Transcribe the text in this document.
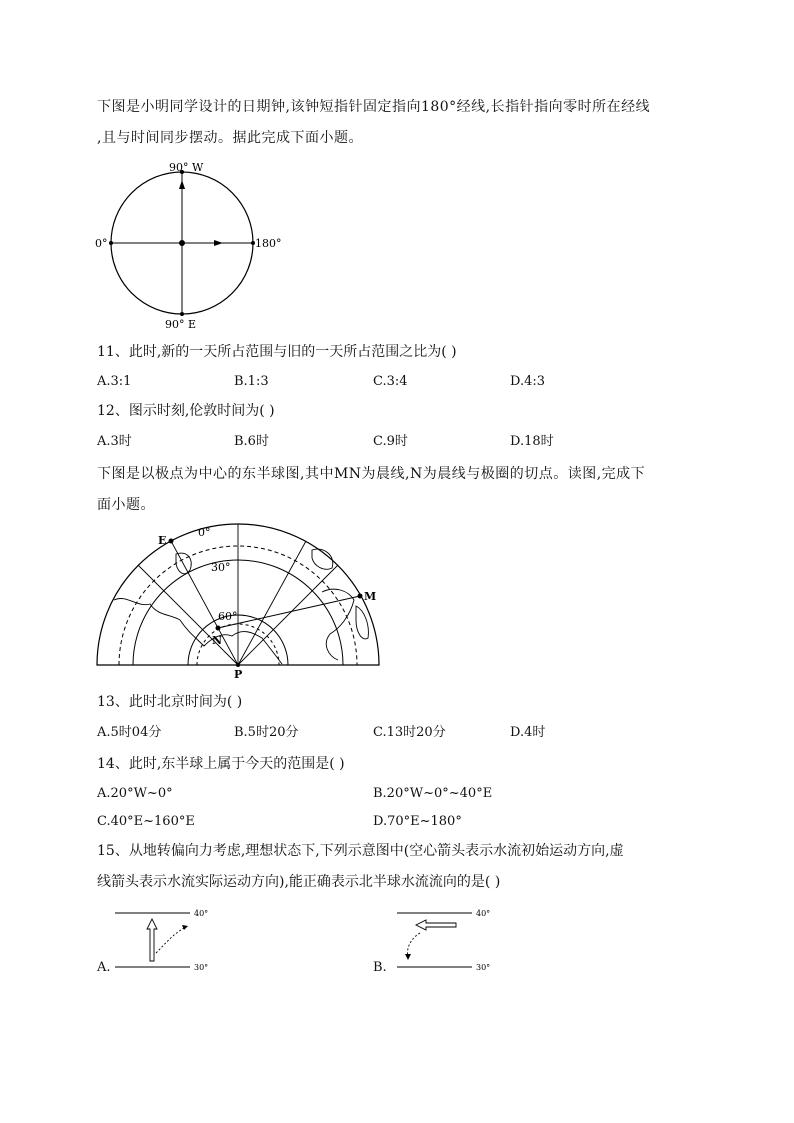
下图是小明同学设计的日期钟,该钟短指针固定指向180°经线,长指针指向零时所在经线
,且与时间同步摆动。据此完成下面小题。
90° W
0°	180°
90° E
11、此时,新的一天所占范围与旧的一天所占范围之比为( )
A.3:1	B.1:3	C.3:4	D.4:3
12、图示时刻,伦敦时间为( )
A.3时	B.6时	C.9时	D.18时
下图是以极点为中心的东半球图,其中MN为晨线,N为晨线与极圈的切点。读图,完成下
面小题。
E
0°
30°
60°
M
N
P
13、此时北京时间为( )
A.5时04分	B.5时20分	C.13时20分	D.4时
14、此时,东半球上属于今天的范围是( )
A.20°W~0°	B.20°W~0°~40°E
C.40°E~160°E	D.70°E~180°
15、从地转偏向力考虑,理想状态下,下列示意图中(空心箭头表示水流初始运动方向,虚
线箭头表示水流实际运动方向),能正确表示北半球水流流向的是( )
A.
40°
30°	B.
40°
30°
